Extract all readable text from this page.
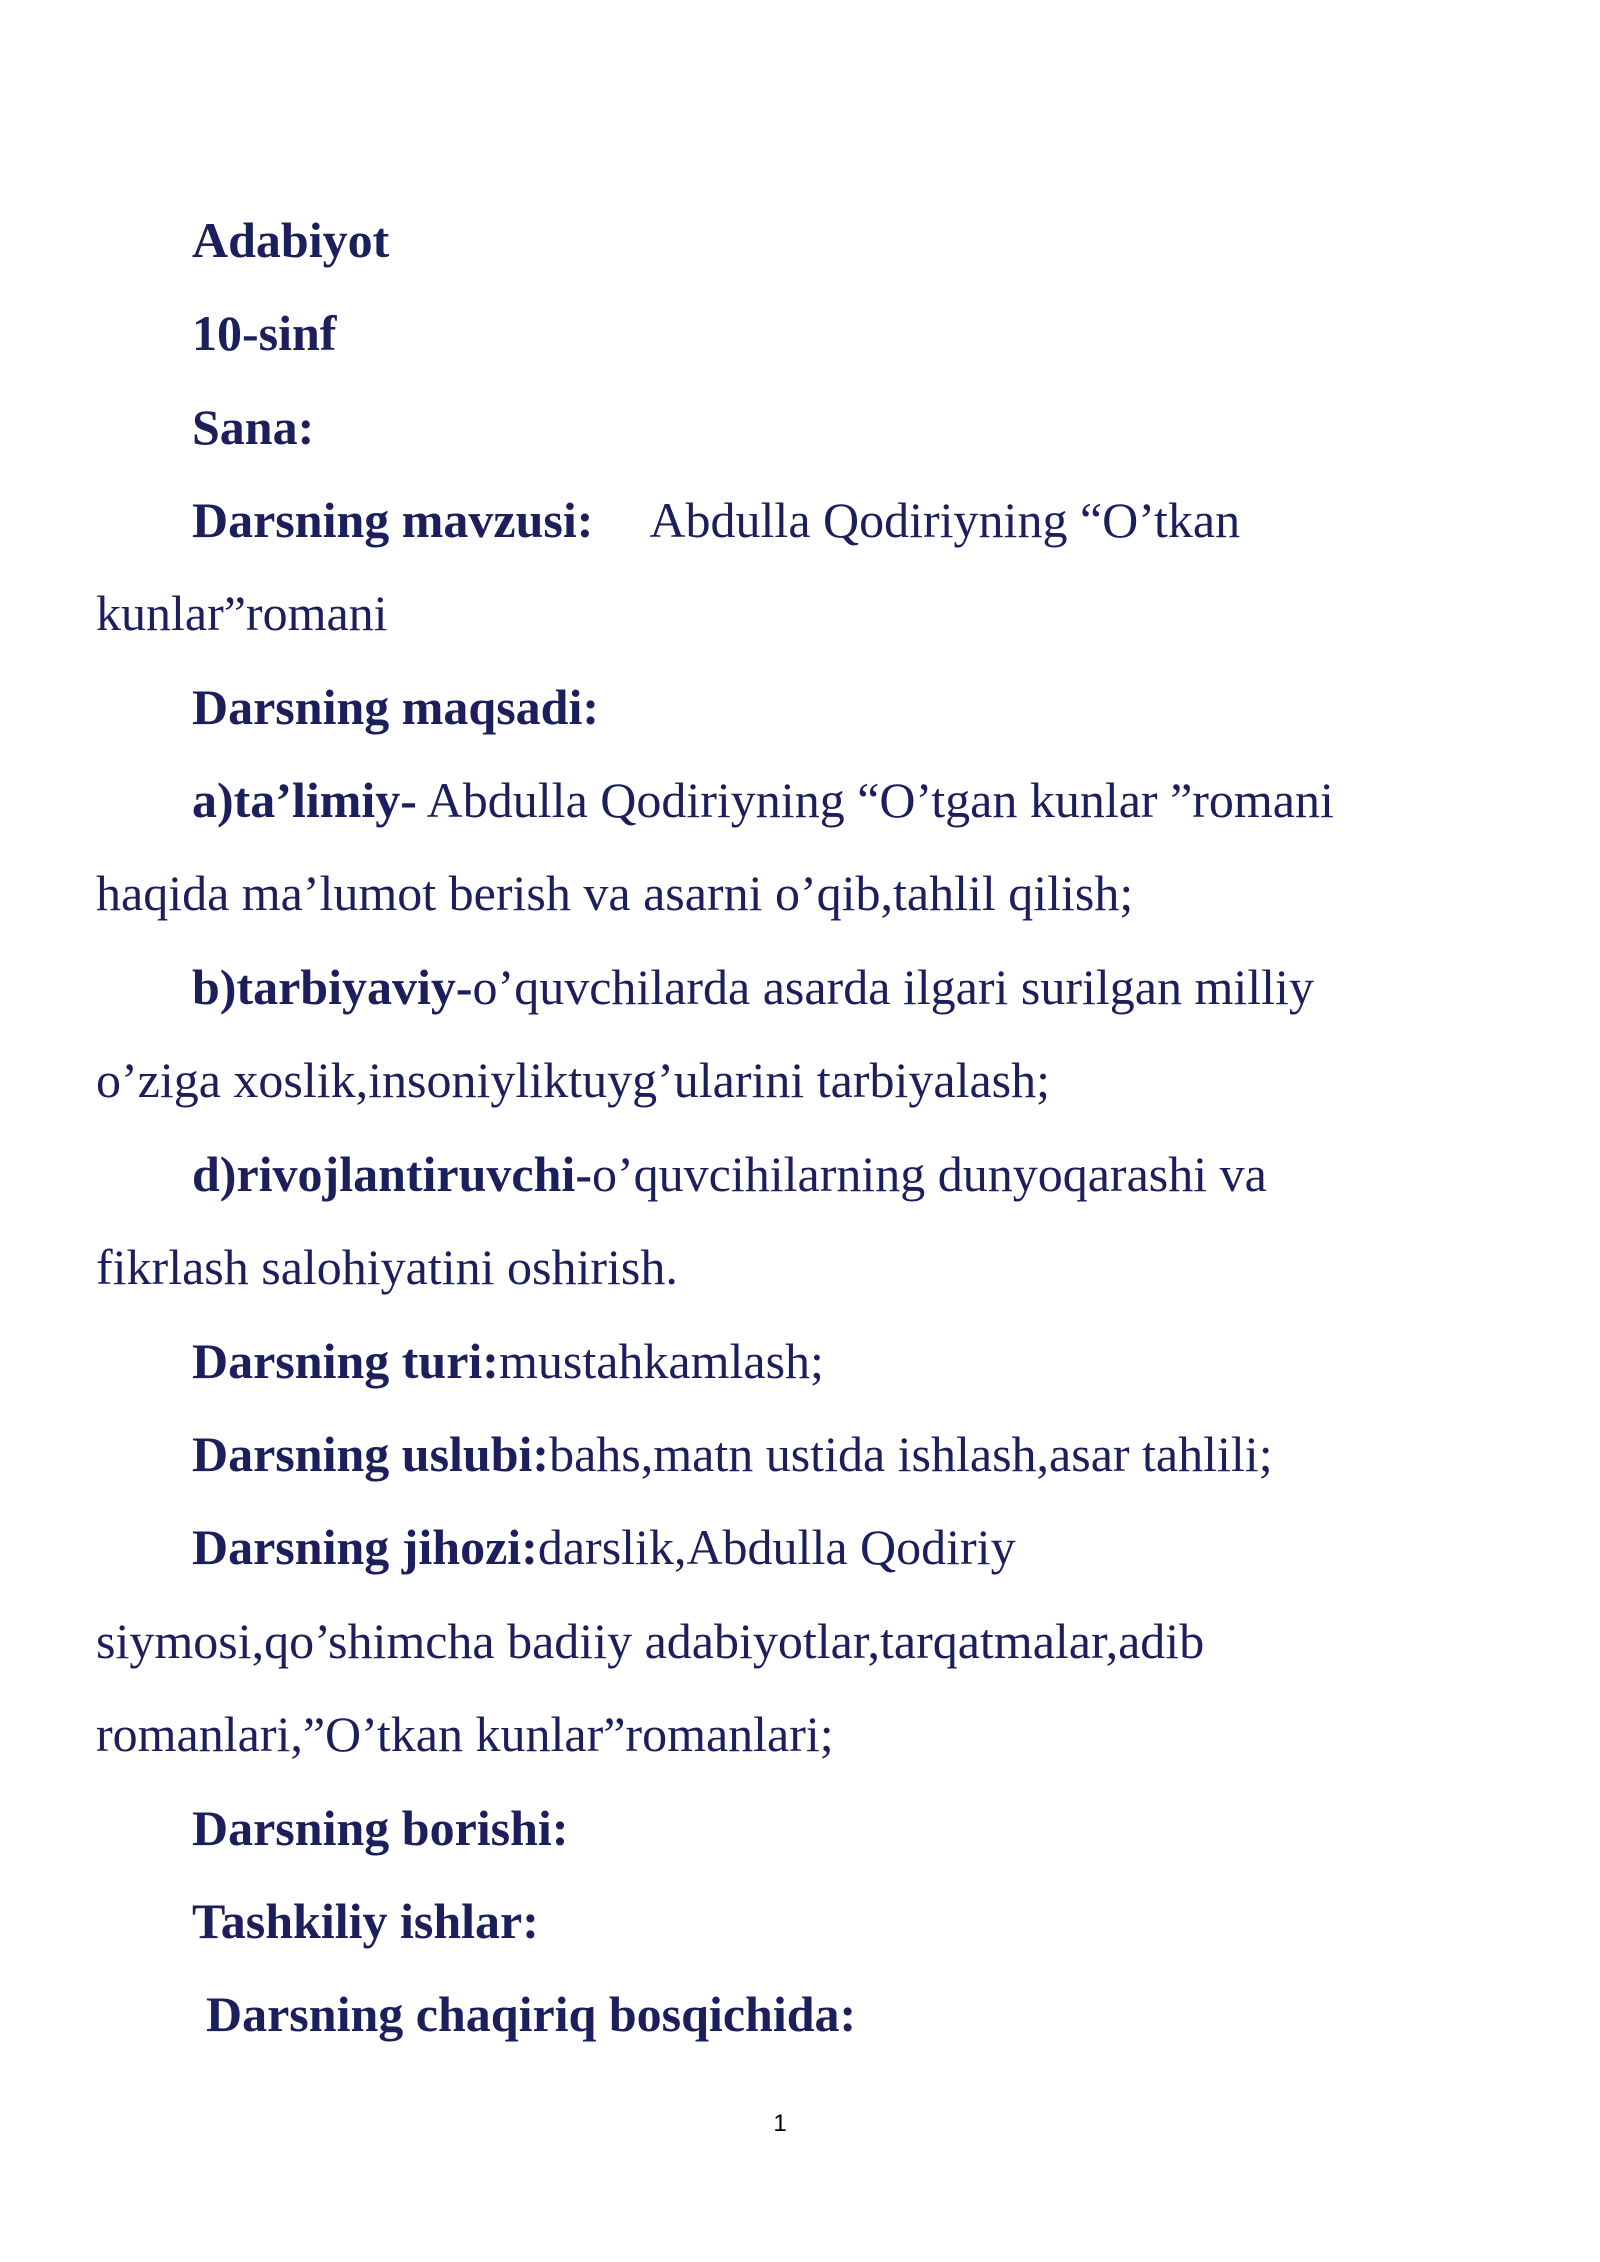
Adabiyot
10-sinf
Sana:
Darsning mavzusi: Abdulla Qodiriyning “O’tkan
kunlar”romani
Darsning maqsadi:
a)ta’limiy- Abdulla Qodiriyning “O’tgan kunlar ”romani
haqida ma’lumot berish va asarni o’qib,tahlil qilish;
b)tarbiyaviy-o’quvchilarda asarda ilgari surilgan milliy
o’ziga xoslik,insoniyliktuyg’ularini tarbiyalash;
d)rivojlantiruvchi-o’quvcihilarning dunyoqarashi va
fikrlash salohiyatini oshirish.
Darsning turi:mustahkamlash;
Darsning uslubi:bahs,matn ustida ishlash,asar tahlili;
Darsning jihozi:darslik,Abdulla Qodiriy
siymosi,qo’shimcha badiiy adabiyotlar,tarqatmalar,adib
romanlari,”O’tkan kunlar”romanlari;
Darsning borishi:
Tashkiliy ishlar:
Darsning chaqiriq bosqichida:
1
